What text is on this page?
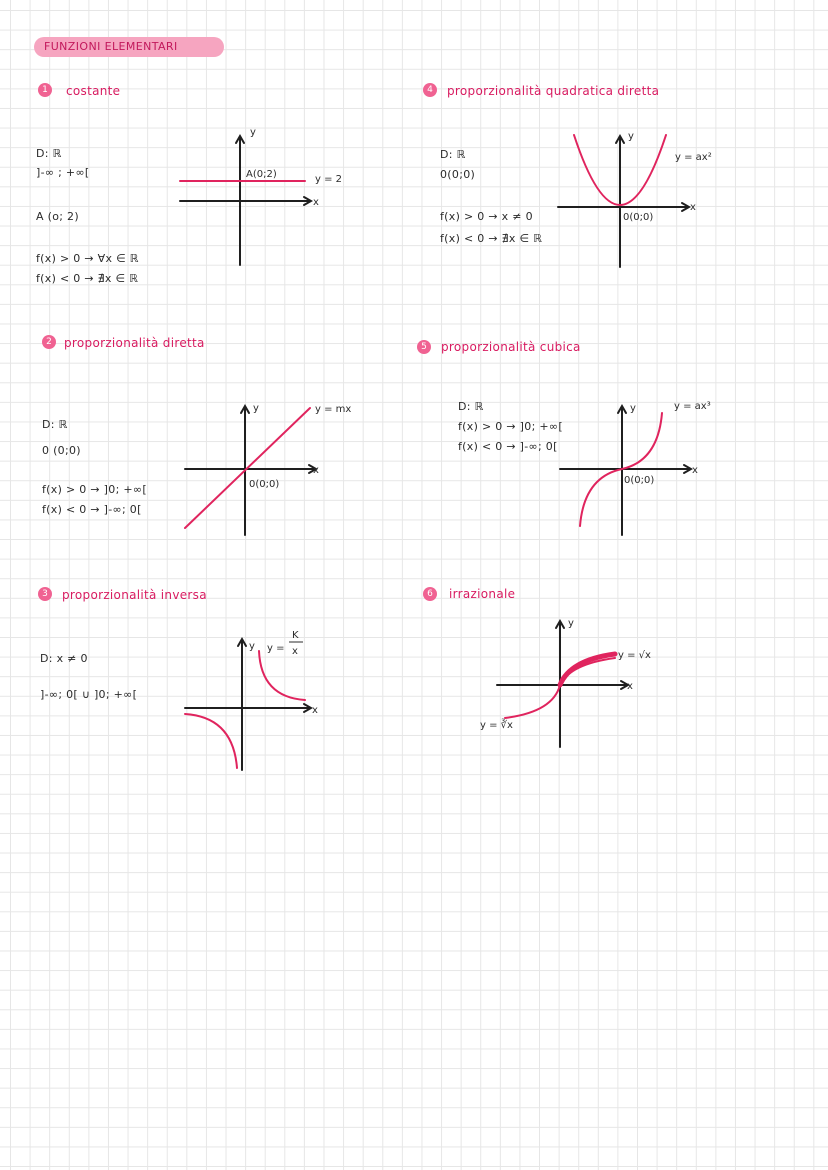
FUNZIONI ELEMENTARI
1	costante
D: ℝ
]-∞ ; +∞[
A (o; 2)
f(x) > 0 → ∀x ∈ ℝ
f(x) < 0 → ∄x ∈ ℝ
y
x
A(0;2)	y = 2
2	proporzionalità diretta
D: ℝ
0 (0;0)
f(x) > 0 → ]0; +∞[
f(x) < 0 → ]-∞; 0[
y
x
0(0;0)
y = mx
3	proporzionalità inversa
D: x ≠ 0
]-∞; 0[ ∪ ]0; +∞[
y
x
y =
K
x
4	proporzionalità quadratica diretta
D: ℝ
0(0;0)
f(x) > 0 → x ≠ 0
f(x) < 0 → ∄x ∈ ℝ
y
x
0(0;0)
y = ax²
5	proporzionalità cubica
D: ℝ
f(x) > 0 → ]0; +∞[
f(x) < 0 → ]-∞; 0[
y
x
0(0;0)
y = ax³
6	irrazionale
y
x
y = √x
y = ∛x
